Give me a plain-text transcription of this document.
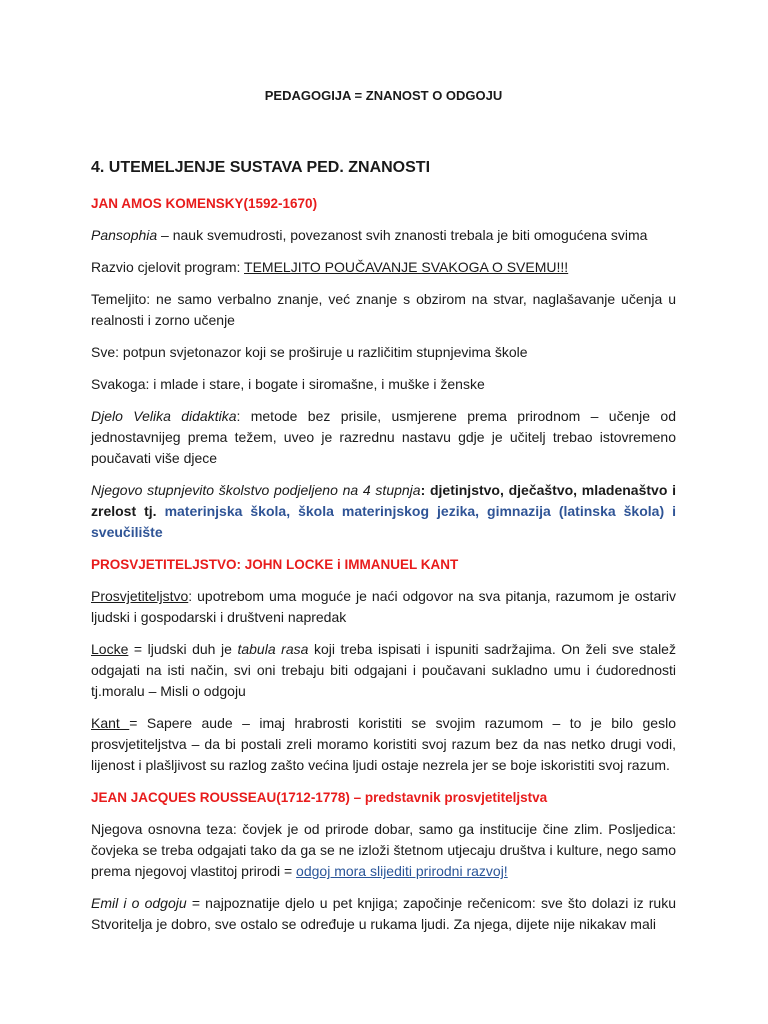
PEDAGOGIJA = ZNANOST O ODGOJU

4. UTEMELJENJE SUSTAVA PED. ZNANOSTI

JAN AMOS KOMENSKY(1592-1670)

Pansophia – nauk svemudrosti, povezanost svih znanosti trebala je biti omogućena svima

Razvio cjelovit program: TEMELJITO POUČAVANJE SVAKOGA O SVEMU!!!

Temeljito: ne samo verbalno znanje, već znanje s obzirom na stvar, naglašavanje učenja u realnosti i zorno učenje

Sve: potpun svjetonazor koji se proširuje u različitim stupnjevima škole

Svakoga: i mlade i stare, i bogate i siromašne, i muške i ženske

Djelo Velika didaktika: metode bez prisile, usmjerene prema prirodnom – učenje od jednostavnijeg prema težem, uveo je razrednu nastavu gdje je učitelj trebao istovremeno poučavati više djece

Njegovo stupnjevito školstvo podjeljeno na 4 stupnja: djetinjstvo, dječaštvo, mladenaštvo i zrelost tj. materinjska škola, škola materinjskog jezika, gimnazija (latinska škola) i sveučilište

PROSVJETITELJSTVO: JOHN LOCKE i IMMANUEL KANT

Prosvjetiteljstvo: upotrebom uma moguće je naći odgovor na sva pitanja, razumom je ostariv ljudski i gospodarski i društveni napredak

Locke = ljudski duh je tabula rasa koji treba ispisati i ispuniti sadržajima. On želi sve stalež odgajati na isti način, svi oni trebaju biti odgajani i poučavani sukladno umu i ćudorednosti tj.moralu – Misli o odgoju

Kant = Sapere aude – imaj hrabrosti koristiti se svojim razumom – to je bilo geslo prosvjetiteljstva – da bi postali zreli moramo koristiti svoj razum bez da nas netko drugi vodi, lijenost i plašljivost su razlog zašto većina ljudi ostaje nezrela jer se boje iskoristiti svoj razum.

JEAN JACQUES ROUSSEAU(1712-1778) – predstavnik prosvjetiteljstva

Njegova osnovna teza: čovjek je od prirode dobar, samo ga institucije čine zlim. Posljedica: čovjeka se treba odgajati tako da ga se ne izloži štetnom utjecaju društva i kulture, nego samo prema njegovoj vlastitoj prirodi = odgoj mora slijediti prirodni razvoj!

Emil i o odgoju = najpoznatije djelo u pet knjiga; započinje rečenicom: sve što dolazi iz ruku Stvoritelja je dobro, sve ostalo se određuje u rukama ljudi. Za njega, dijete nije nikakav mali
